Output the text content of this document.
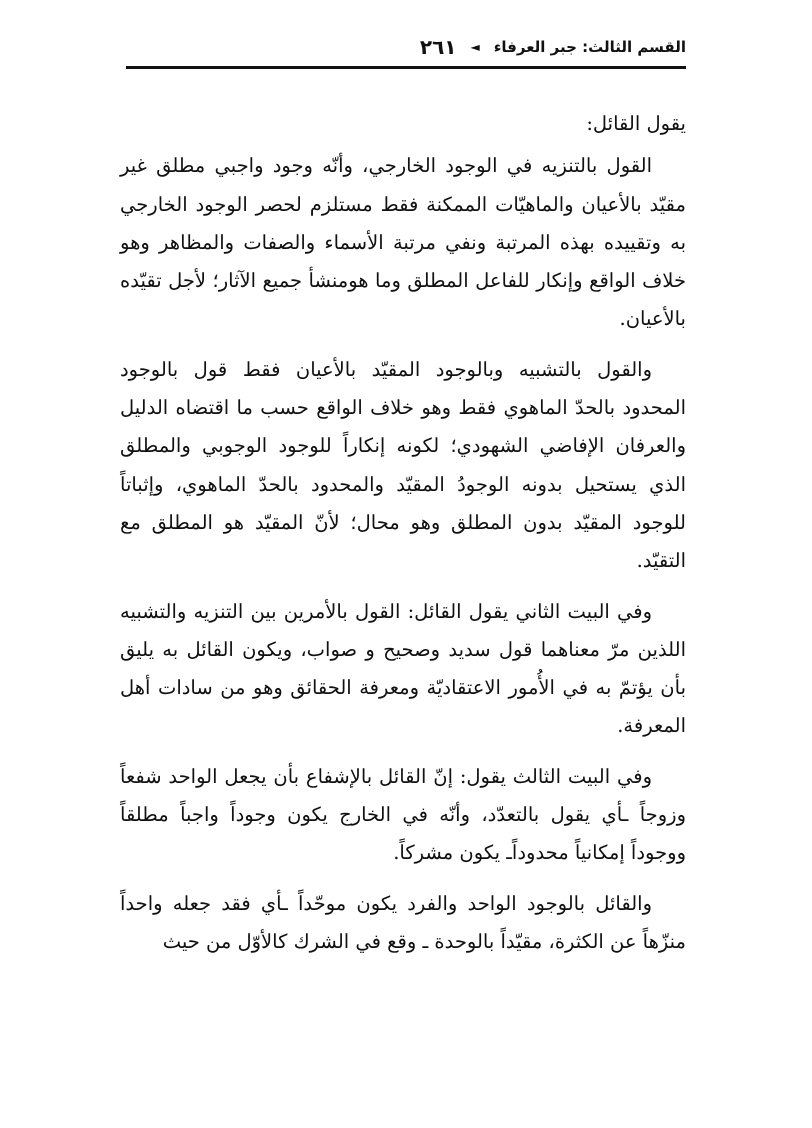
القسم الثالث: جبر العرفاء
◄
٢٦١

يقول القائل:

القول بالتنزيه في الوجود الخارجي، وأنّه وجود واجبي مطلق غير مقيّد بالأعيان والماهيّات الممكنة فقط مستلزم لحصر الوجود الخارجي به وتقييده بهذه المرتبة ونفي مرتبة الأسماء والصفات والمظاهر وهو خلاف الواقع وإنكار للفاعل المطلق وما هومنشأ جميع الآثار؛ لأجل تقيّده بالأعيان.

والقول بالتشبيه وبالوجود المقيّد بالأعيان فقط قول بالوجود المحدود بالحدّ الماهوي فقط وهو خلاف الواقع حسب ما اقتضاه الدليل والعرفان الإفاضي الشهودي؛ لكونه إنكاراً للوجود الوجوبي والمطلق الذي يستحيل بدونه الوجودُ المقيّد والمحدود بالحدّ الماهوي، وإثباتاً للوجود المقيّد بدون المطلق وهو محال؛ لأنّ المقيّد هو المطلق مع التقيّد.

وفي البيت الثاني يقول القائل: القول بالأمرين بين التنزيه والتشبيه اللذين مرّ معناهما قول سديد وصحيح و صواب، ويكون القائل به يليق بأن يؤتمّ به في الأُمور الاعتقاديّة ومعرفة الحقائق وهو من سادات أهل المعرفة.

وفي البيت الثالث يقول: إنّ القائل بالإشفاع بأن يجعل الواحد شفعاً وزوجاً ـأي يقول بالتعدّد، وأنّه في الخارج يكون وجوداً واجباً مطلقاً ووجوداً إمكانياً محدوداًـ يكون مشركاً.

والقائل بالوجود الواحد والفرد يكون موحّداً ـأي فقد جعله واحداً منزّهاً عن الكثرة، مقيّداً بالوحدة ـ وقع في الشرك كالأوّل من حيث
